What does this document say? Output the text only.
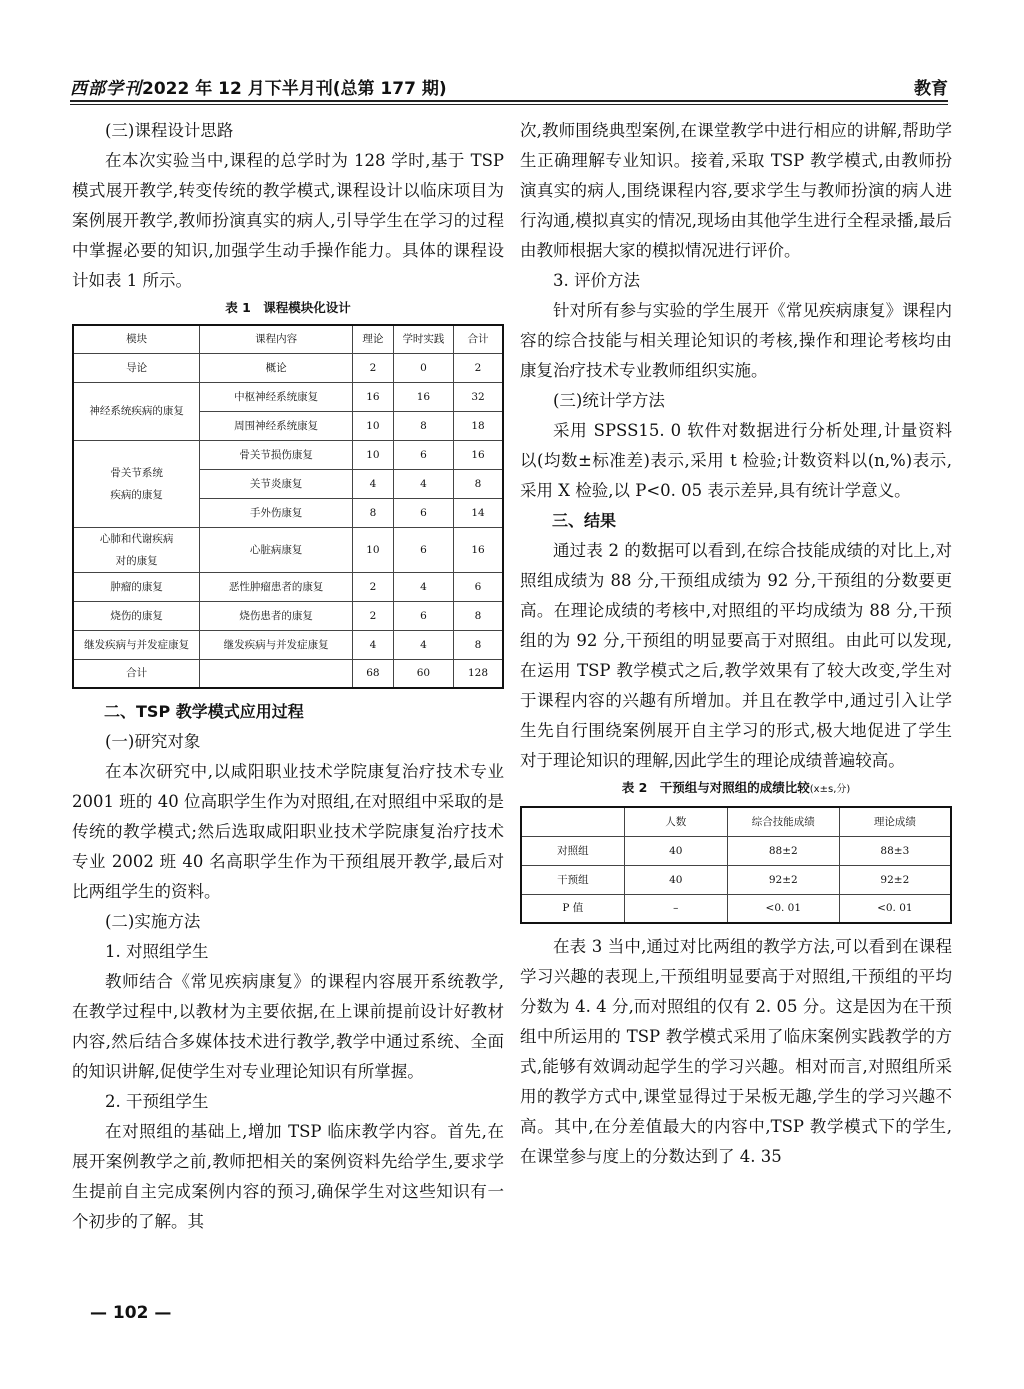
西部学刊2022 年 12 月下半月刊(总第 177 期)	教育

(三)课程设计思路

在本次实验当中,课程的总学时为 128 学时,基于 TSP 模式展开教学,转变传统的教学模式,课程设计以临床项目为案例展开教学,教师扮演真实的病人,引导学生在学习的过程中掌握必要的知识,加强学生动手操作能力。具体的课程设计如表 1 所示。

表 1　课程模块化设计
模块	课程内容	理论	学时实践	合计
导论	概论	2	0	2
神经系统疾病的康复	中枢神经系统康复	16	16	32
	周围神经系统康复	10	8	18
骨关节系统
疾病的康复	骨关节损伤康复	10	6	16
	关节炎康复	4	4	8
	手外伤康复	8	6	14
心肺和代谢疾病
对的康复	心脏病康复	10	6	16
肿瘤的康复	恶性肿瘤患者的康复	2	4	6
烧伤的康复	烧伤患者的康复	2	6	8
继发疾病与并发症康复	继发疾病与并发症康复	4	4	8
合计		68	60	128

二、TSP 教学模式应用过程

(一)研究对象

在本次研究中,以咸阳职业技术学院康复治疗技术专业 2001 班的 40 位高职学生作为对照组,在对照组中采取的是传统的教学模式;然后选取咸阳职业技术学院康复治疗技术专业 2002 班 40 名高职学生作为干预组展开教学,最后对比两组学生的资料。

(二)实施方法

1. 对照组学生

教师结合《常见疾病康复》的课程内容展开系统教学,在教学过程中,以教材为主要依据,在上课前提前设计好教材内容,然后结合多媒体技术进行教学,教学中通过系统、全面的知识讲解,促使学生对专业理论知识有所掌握。

2. 干预组学生

在对照组的基础上,增加 TSP 临床教学内容。首先,在展开案例教学之前,教师把相关的案例资料先给学生,要求学生提前自主完成案例内容的预习,确保学生对这些知识有一个初步的了解。其

次,教师围绕典型案例,在课堂教学中进行相应的讲解,帮助学生正确理解专业知识。接着,采取 TSP 教学模式,由教师扮演真实的病人,围绕课程内容,要求学生与教师扮演的病人进行沟通,模拟真实的情况,现场由其他学生进行全程录播,最后由教师根据大家的模拟情况进行评价。

3. 评价方法

针对所有参与实验的学生展开《常见疾病康复》课程内容的综合技能与相关理论知识的考核,操作和理论考核均由康复治疗技术专业教师组织实施。

(三)统计学方法

采用 SPSS15. 0 软件对数据进行分析处理,计量资料以(均数±标准差)表示,采用 t 检验;计数资料以(n,%)表示,采用 X 检验,以 P<0. 05 表示差异,具有统计学意义。

三、结果

通过表 2 的数据可以看到,在综合技能成绩的对比上,对照组成绩为 88 分,干预组成绩为 92 分,干预组的分数要更高。在理论成绩的考核中,对照组的平均成绩为 88 分,干预组的为 92 分,干预组的明显要高于对照组。由此可以发现,在运用 TSP 教学模式之后,教学效果有了较大改变,学生对于课程内容的兴趣有所增加。并且在教学中,通过引入让学生先自行围绕案例展开自主学习的形式,极大地促进了学生对于理论知识的理解,因此学生的理论成绩普遍较高。

表 2　干预组与对照组的成绩比较(x±s,分)
	人数	综合技能成绩	理论成绩
对照组	40	88±2	88±3
干预组	40	92±2	92±2
P 值	–	<0. 01	<0. 01

在表 3 当中,通过对比两组的教学方法,可以看到在课程学习兴趣的表现上,干预组明显要高于对照组,干预组的平均分数为 4. 4 分,而对照组的仅有 2. 05 分。这是因为在干预组中所运用的 TSP 教学模式采用了临床案例实践教学的方式,能够有效调动起学生的学习兴趣。相对而言,对照组所采用的教学方式中,课堂显得过于呆板无趣,学生的学习兴趣不高。其中,在分差值最大的内容中,TSP 教学模式下的学生,在课堂参与度上的分数达到了 4. 35

— 102 —
